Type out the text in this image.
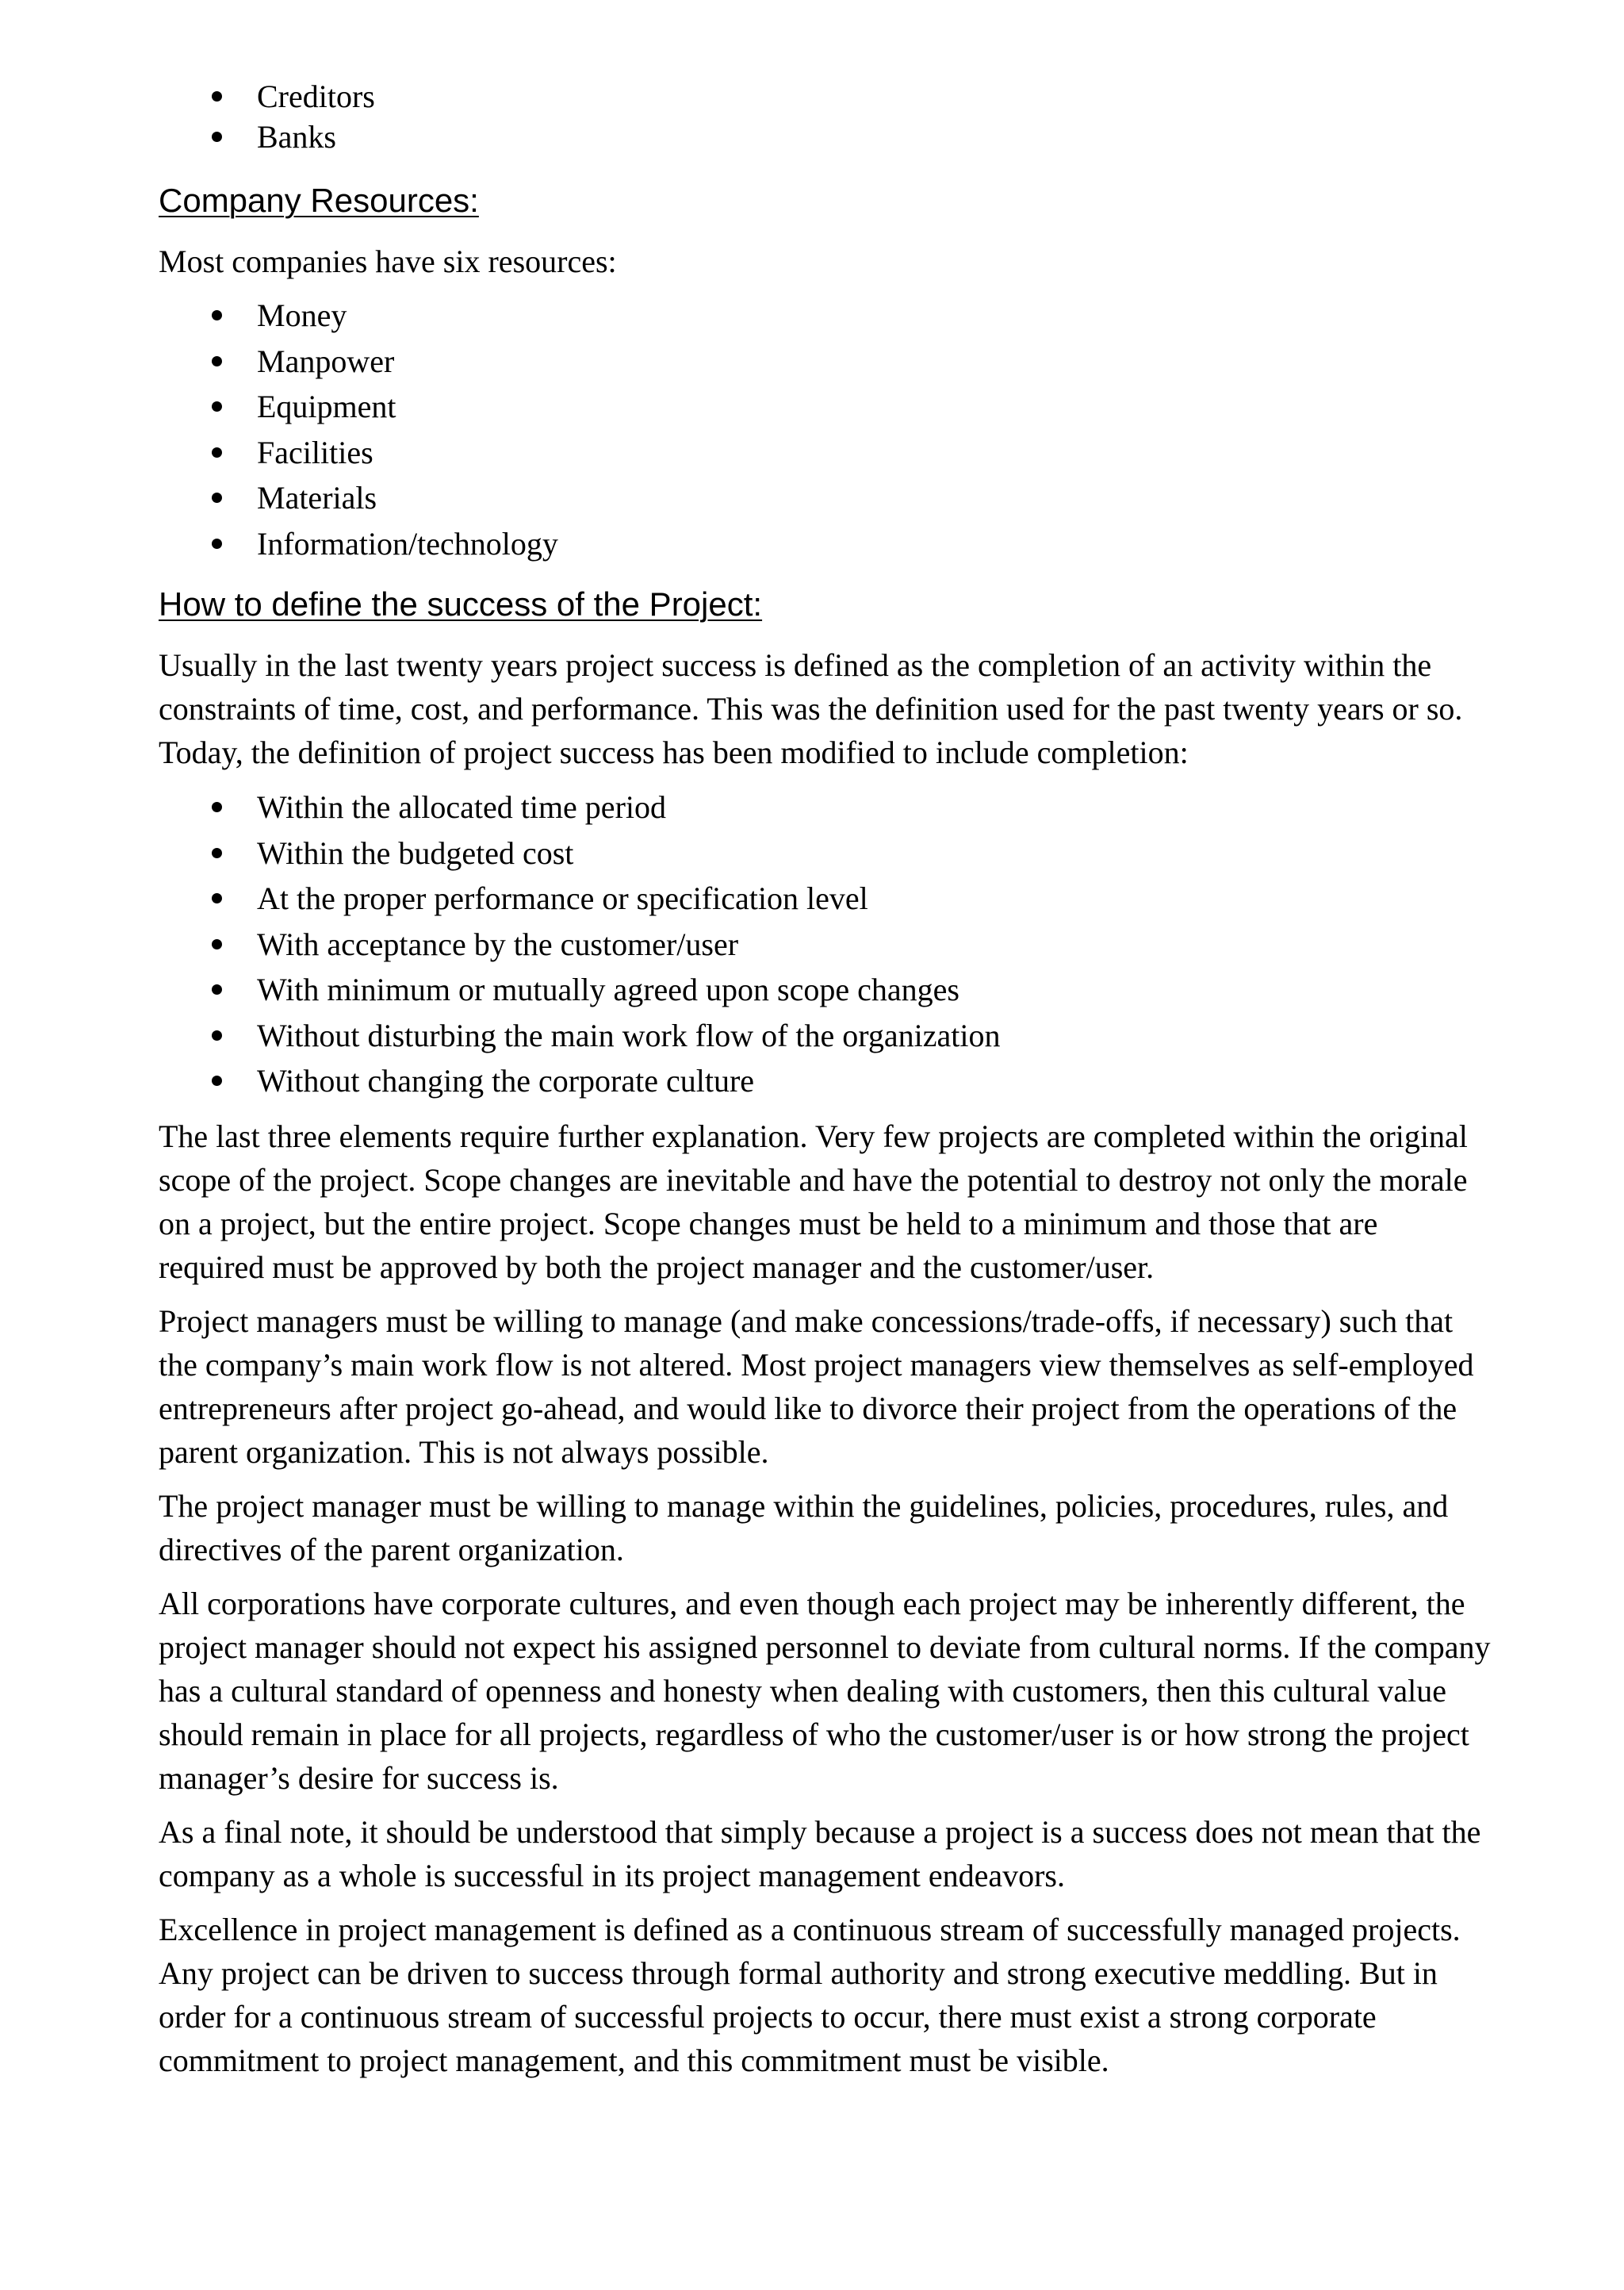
Creditors
Banks
Company Resources:

Most companies have six resources:

Money
Manpower
Equipment
Facilities
Materials
Information/technology
How to define the success of the Project:

Usually in the last twenty years project success is defined as the completion of an activity within the
constraints of time, cost, and performance. This was the definition used for the past twenty years or so.
Today, the definition of project success has been modified to include completion:

Within the allocated time period
Within the budgeted cost
At the proper performance or specification level
With acceptance by the customer/user
With minimum or mutually agreed upon scope changes
Without disturbing the main work flow of the organization
Without changing the corporate culture

The last three elements require further explanation. Very few projects are completed within the original
scope of the project. Scope changes are inevitable and have the potential to destroy not only the morale
on a project, but the entire project. Scope changes must be held to a minimum and those that are
required must be approved by both the project manager and the customer/user.

Project managers must be willing to manage (and make concessions/trade-offs, if necessary) such that
the company’s main work flow is not altered. Most project managers view themselves as self-employed
entrepreneurs after project go-ahead, and would like to divorce their project from the operations of the
parent organization. This is not always possible.

The project manager must be willing to manage within the guidelines, policies, procedures, rules, and
directives of the parent organization.

All corporations have corporate cultures, and even though each project may be inherently different, the
project manager should not expect his assigned personnel to deviate from cultural norms. If the company
has a cultural standard of openness and honesty when dealing with customers, then this cultural value
should remain in place for all projects, regardless of who the customer/user is or how strong the project
manager’s desire for success is.

As a final note, it should be understood that simply because a project is a success does not mean that the
company as a whole is successful in its project management endeavors.

Excellence in project management is defined as a continuous stream of successfully managed projects.
Any project can be driven to success through formal authority and strong executive meddling. But in
order for a continuous stream of successful projects to occur, there must exist a strong corporate
commitment to project management, and this commitment must be visible.
